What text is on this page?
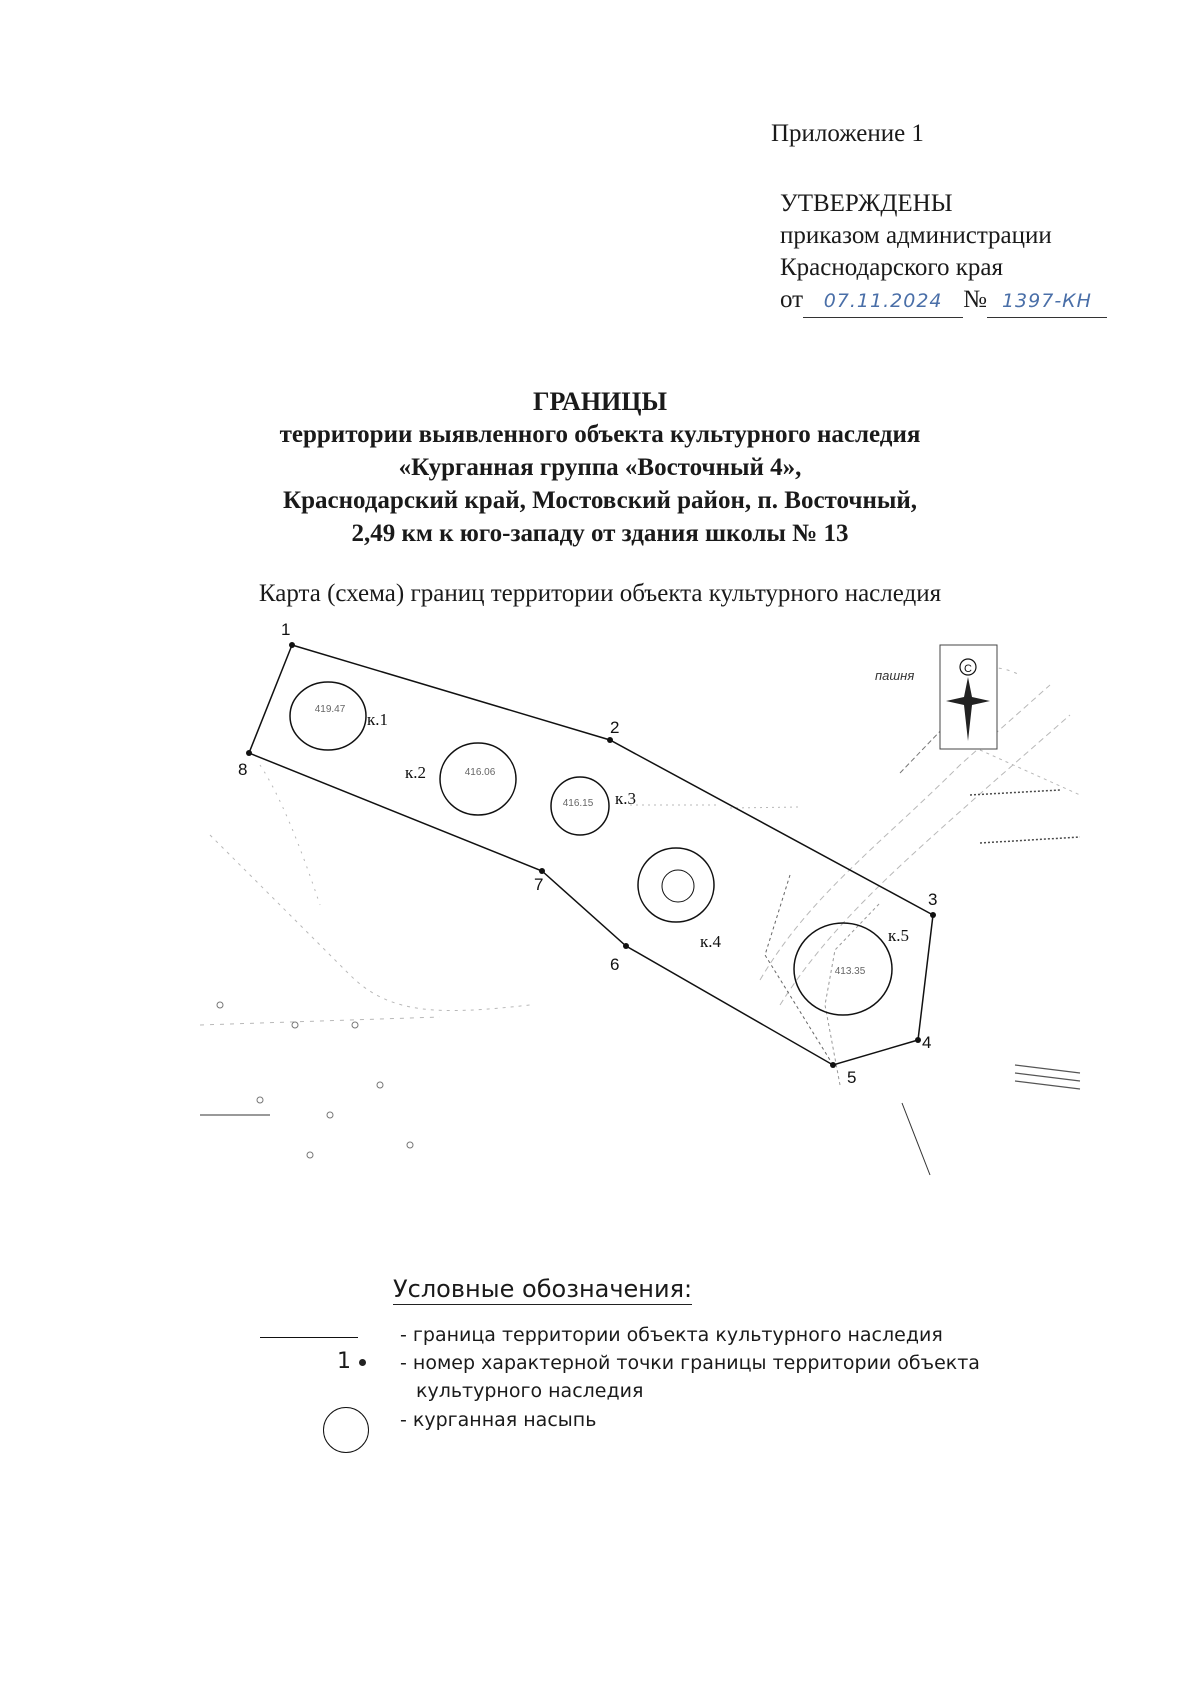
Приложение 1
УТВЕРЖДЕНЫ
приказом администрации
Краснодарского края
от 07.11.2024 № 1397-КН
ГРАНИЦЫ
территории выявленного объекта культурного наследия
«Курганная группа «Восточный 4»,
Краснодарский край, Мостовский район, п. Восточный,
2,49 км к юго-западу от здания школы № 13
Карта (схема) границ территории объекта культурного наследия
С
419.47
416.06
416.15
413.35
к.1
к.2
к.3
к.4	к.5
пашня
1
2
3
4
5
6
7
8
Условные обозначения:
- граница территории объекта культурного наследия
1	- номер характерной точки границы территории объекта
культурного наследия
- курганная насыпь
